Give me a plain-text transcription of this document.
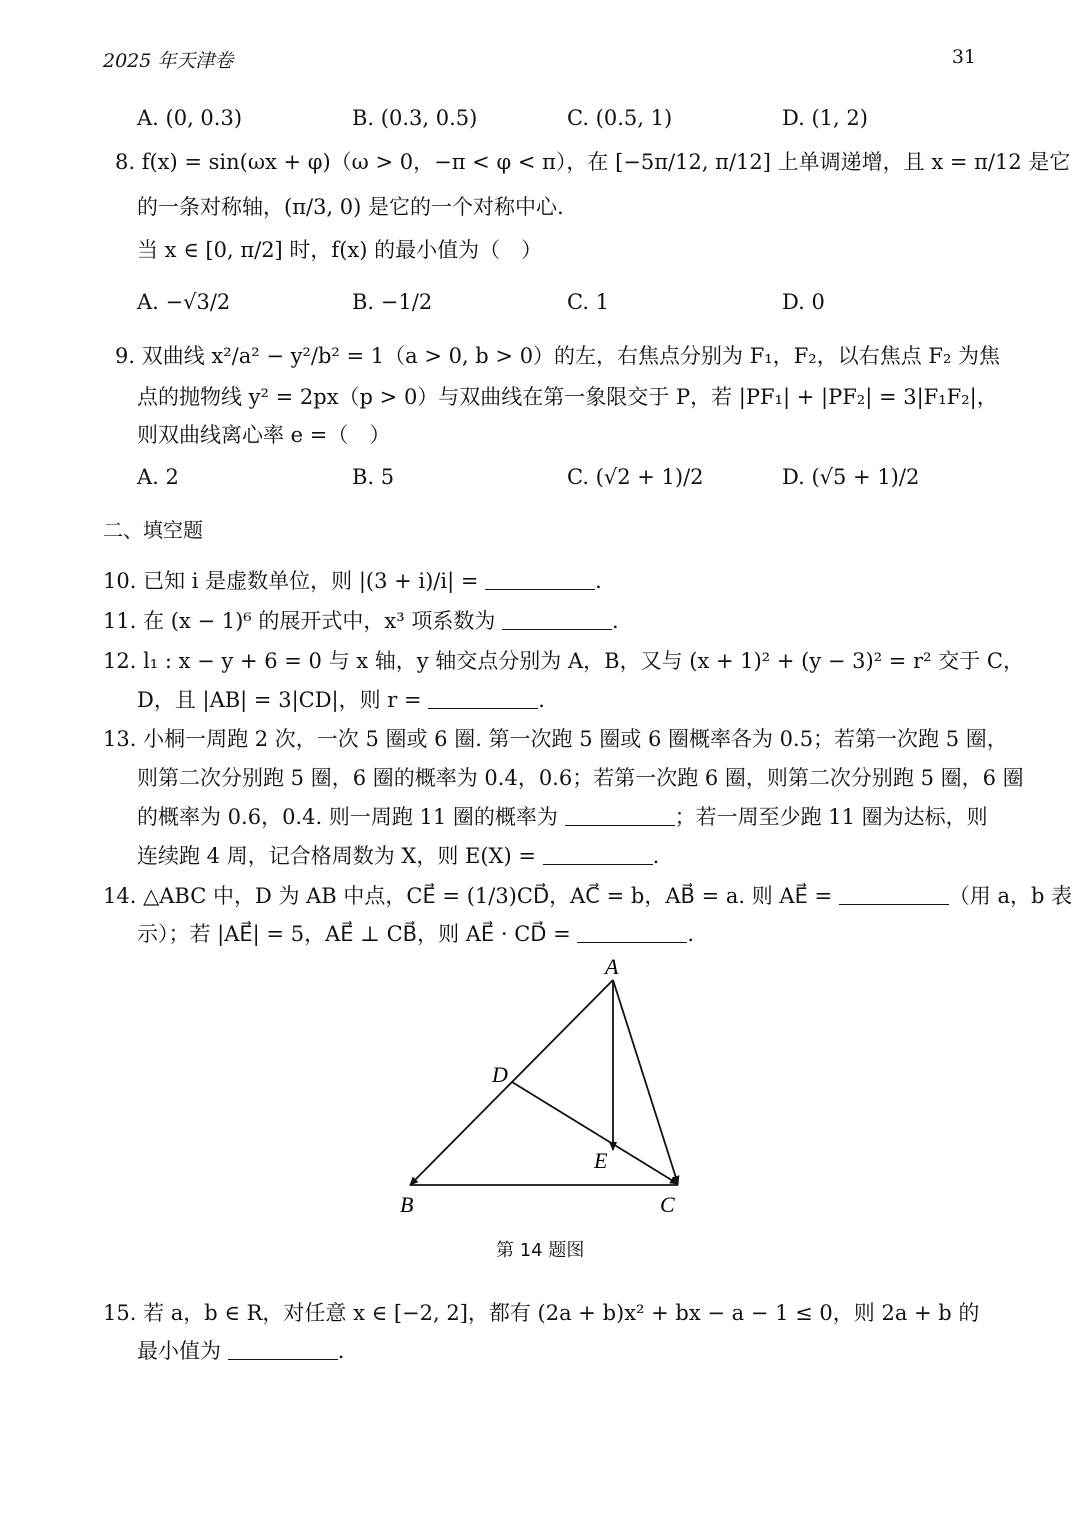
2025 年天津卷	31
A. (0, 0.3)	B. (0.3, 0.5)	C. (0.5, 1)	D. (1, 2)
8. f(x) = sin(ωx + φ)（ω > 0，−π < φ < π），在 [−5π/12, π/12] 上单调递增，且 x = π/12 是它
的一条对称轴，(π/3, 0) 是它的一个对称中心.
当 x ∈ [0, π/2] 时，f(x) 的最小值为（　）
A. −√3/2	B. −1/2	C. 1	D. 0
9. 双曲线 x²/a² − y²/b² = 1（a > 0, b > 0）的左，右焦点分别为 F₁，F₂，以右焦点 F₂ 为焦
点的抛物线 y² = 2px（p > 0）与双曲线在第一象限交于 P，若 |PF₁| + |PF₂| = 3|F₁F₂|，
则双曲线离心率 e =（　）
A. 2	B. 5	C. (√2 + 1)/2	D. (√5 + 1)/2
二、填空题
10. 已知 i 是虚数单位，则 |(3 + i)/i| =	.
11. 在 (x − 1)⁶ 的展开式中，x³ 项系数为	.
12. l₁ : x − y + 6 = 0 与 x 轴，y 轴交点分别为 A，B，又与 (x + 1)² + (y − 3)² = r² 交于 C，
D，且 |AB| = 3|CD|，则 r =	.
13. 小桐一周跑 2 次，一次 5 圈或 6 圈. 第一次跑 5 圈或 6 圈概率各为 0.5；若第一次跑 5 圈，
则第二次分别跑 5 圈，6 圈的概率为 0.4，0.6；若第一次跑 6 圈，则第二次分别跑 5 圈，6 圈
的概率为 0.6，0.4. 则一周跑 11 圈的概率为	；若一周至少跑 11 圈为达标，则
连续跑 4 周，记合格周数为 X，则 E(X) =	.
14. △ABC 中，D 为 AB 中点，CE⃗ = (1/3)CD⃗，AC⃗ = b，AB⃗ = a. 则 AE⃗ =	（用 a，b 表
示）；若 |AE⃗| = 5，AE⃗ ⊥ CB⃗，则 AE⃗ · CD⃗ =	.
A
B	C
D
E
第 14 题图
15. 若 a，b ∈ R，对任意 x ∈ [−2, 2]，都有 (2a + b)x² + bx − a − 1 ≤ 0，则 2a + b 的
最小值为	.
